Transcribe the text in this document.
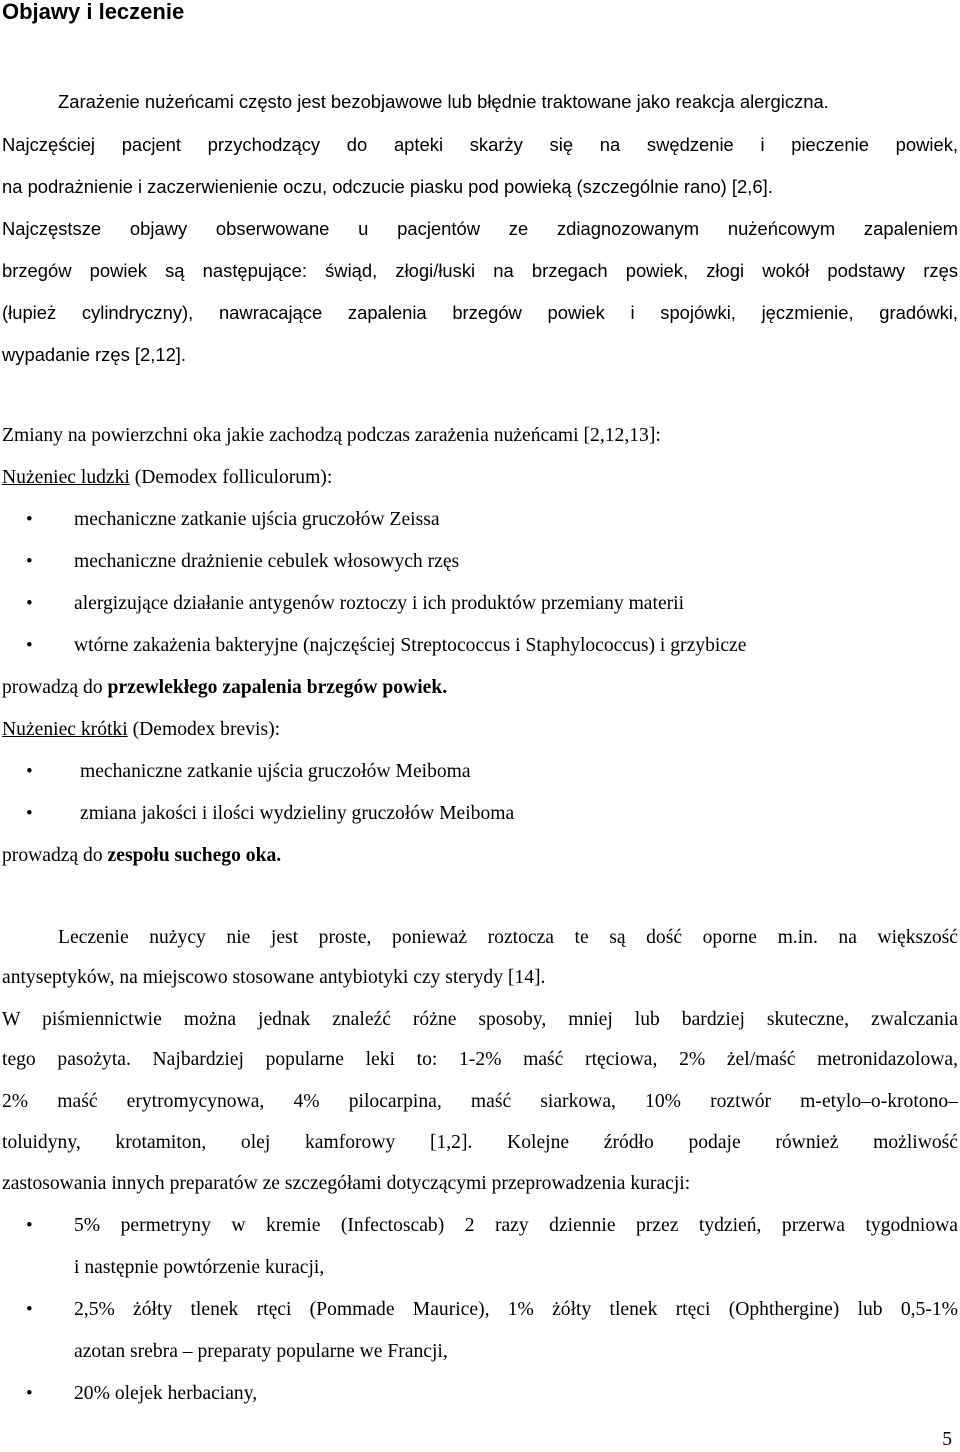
Objawy i leczenie

Zarażenie nużeńcami często jest bezobjawowe lub błędnie traktowane jako reakcja alergiczna.

Najczęściej pacjent przychodzący do apteki skarży się na swędzenie i pieczenie powiek,

na podrażnienie i zaczerwienienie oczu, odczucie piasku pod powieką (szczególnie rano) [2,6].

Najczęstsze objawy obserwowane u pacjentów ze zdiagnozowanym nużeńcowym zapaleniem

brzegów powiek są następujące: świąd, złogi/łuski na brzegach powiek, złogi wokół podstawy rzęs

(łupież cylindryczny), nawracające zapalenia brzegów powiek i spojówki, jęczmienie, gradówki,

wypadanie rzęs [2,12].

Zmiany na powierzchni oka jakie zachodzą podczas zarażenia nużeńcami [2,12,13]:

Nużeniec ludzki (Demodex folliculorum):

• mechaniczne zatkanie ujścia gruczołów Zeissa

• mechaniczne drażnienie cebulek włosowych rzęs

• alergizujące działanie antygenów roztoczy i ich produktów przemiany materii

• wtórne zakażenia bakteryjne (najczęściej Streptococcus i Staphylococcus) i grzybicze

prowadzą do przewlekłego zapalenia brzegów powiek.

Nużeniec krótki (Demodex brevis):

• mechaniczne zatkanie ujścia gruczołów Meiboma

• zmiana jakości i ilości wydzieliny gruczołów Meiboma

prowadzą do zespołu suchego oka.

Leczenie nużycy nie jest proste, ponieważ roztocza te są dość oporne m.in. na większość

antyseptyków, na miejscowo stosowane antybiotyki czy sterydy [14].

W piśmiennictwie można jednak znaleźć różne sposoby, mniej lub bardziej skuteczne, zwalczania

tego pasożyta. Najbardziej popularne leki to: 1-2% maść rtęciowa, 2% żel/maść metronidazolowa,

2% maść erytromycynowa, 4% pilocarpina, maść siarkowa, 10% roztwór m-etylo–o-krotono–

toluidyny, krotamiton, olej kamforowy [1,2]. Kolejne źródło podaje również możliwość

zastosowania innych preparatów ze szczegółami dotyczącymi przeprowadzenia kuracji:

• 5% permetryny w kremie (Infectoscab) 2 razy dziennie przez tydzień, przerwa tygodniowa

i następnie powtórzenie kuracji,

• 2,5% żółty tlenek rtęci (Pommade Maurice), 1% żółty tlenek rtęci (Ophthergine) lub 0,5-1%

azotan srebra – preparaty popularne we Francji,

• 20% olejek herbaciany,

5
